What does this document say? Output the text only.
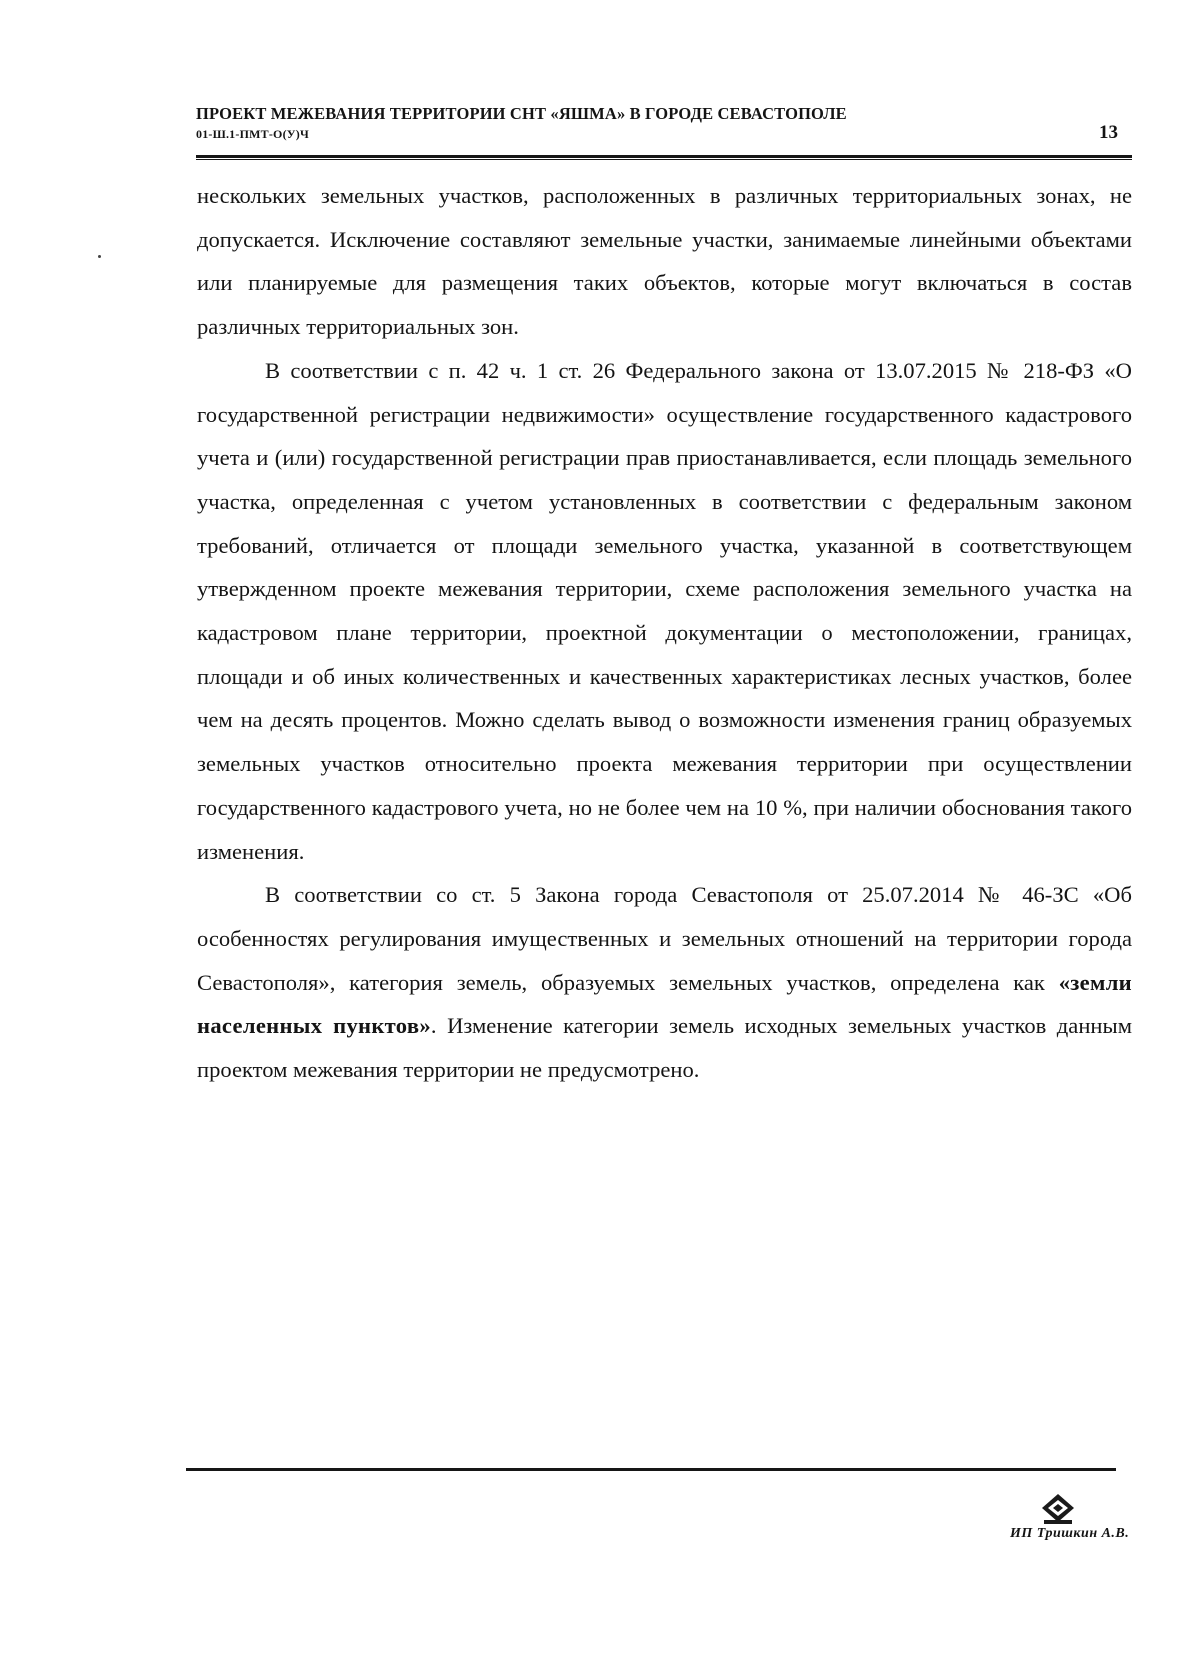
ПРОЕКТ МЕЖЕВАНИЯ ТЕРРИТОРИИ СНТ «ЯШМА» В ГОРОДЕ СЕВАСТОПОЛЕ
01-Ш.1-ПМТ-О(У)Ч	13

нескольких земельных участков, расположенных в различных территориальных зонах, не допускается. Исключение составляют земельные участки, занимаемые линейными объектами или планируемые для размещения таких объектов, которые могут включаться в состав различных территориальных зон.

В соответствии с п. 42 ч. 1 ст. 26 Федерального закона от 13.07.2015 № 218-ФЗ «О государственной регистрации недвижимости» осуществление государственного кадастрового учета и (или) государственной регистрации прав приостанавливается, если площадь земельного участка, определенная с учетом установленных в соответствии с федеральным законом требований, отличается от площади земельного участка, указанной в соответствующем утвержденном проекте межевания территории, схеме расположения земельного участка на кадастровом плане территории, проектной документации о местоположении, границах, площади и об иных количественных и качественных характеристиках лесных участков, более чем на десять процентов. Можно сделать вывод о возможности изменения границ образуемых земельных участков относительно проекта межевания территории при осуществлении государственного кадастрового учета, но не более чем на 10 %, при наличии обоснования такого изменения.

В соответствии со ст. 5 Закона города Севастополя от 25.07.2014 № 46-ЗС «Об особенностях регулирования имущественных и земельных отношений на территории города Севастополя», категория земель, образуемых земельных участков, определена как «земли населенных пунктов». Изменение категории земель исходных земельных участков данным проектом межевания территории не предусмотрено.

ИП Тришкин А.В.
